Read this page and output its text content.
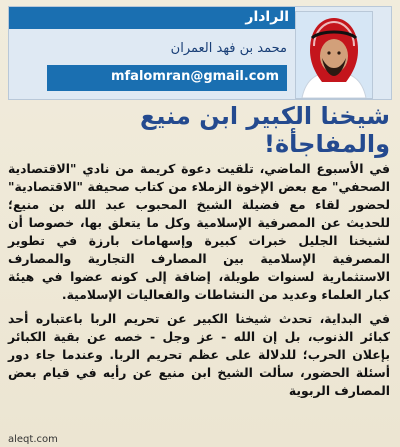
الرادار
محمد بن فهد العمران
mfalomran@gmail.com
شيخنا الكبير ابن منيع والمفاجأة!

في الأسبوع الماضي، تلقيت دعوة كريمة من نادي "الاقتصادية الصحفي" مع بعض الإخوة الزملاء من كتاب صحيفة "الاقتصادية" لحضور لقاء مع فضيلة الشيخ المحبوب عبد الله بن منيع؛ للحديث عن المصرفية الإسلامية وكل ما يتعلق بها، خصوصا أن لشيخنا الجليل خبرات كبيرة وإسهامات بارزة في تطوير المصرفية الإسلامية بين المصارف التجارية والمصارف الاستثمارية لسنوات طويلة، إضافة إلى كونه عضوا في هيئة كبار العلماء وعديد من النشاطات والفعاليات الإسلامية.

في البداية، تحدث شيخنا الكبير عن تحريم الربا باعتباره أحد كبائر الذنوب، بل إن الله - عز وجل - خصه عن بقية الكبائر بإعلان الحرب؛ للدلالة على عظم تحريم الربا. وعندما جاء دور أسئلة الحضور، سألت الشيخ ابن منيع عن رأيه في قيام بعض المصارف الربوية

aleqt.com
